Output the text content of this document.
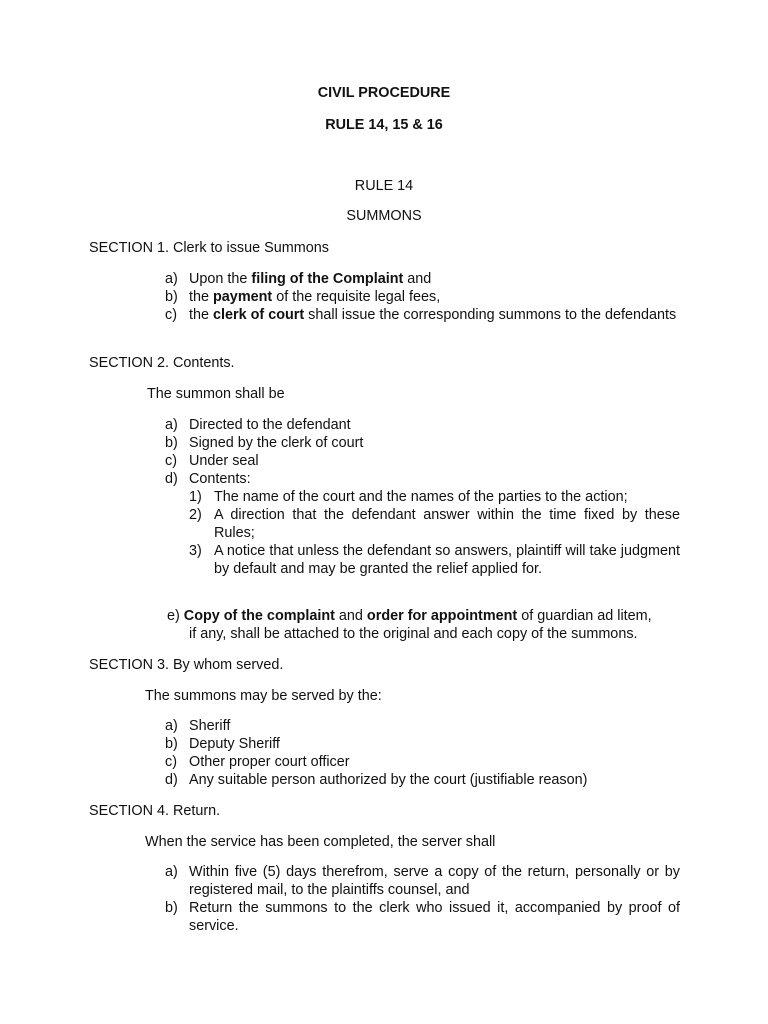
CIVIL PROCEDURE
RULE 14, 15 & 16
RULE 14
SUMMONS
SECTION 1. Clerk to issue Summons
a) Upon the filing of the Complaint and
b) the payment of the requisite legal fees,
c) the clerk of court shall issue the corresponding summons to the defendants
SECTION 2. Contents.
The summon shall be
a) Directed to the defendant
b) Signed by the clerk of court
c) Under seal
d) Contents:
1) The name of the court and the names of the parties to the action;
2) A direction that the defendant answer within the time fixed by these Rules;
3) A notice that unless the defendant so answers, plaintiff will take judgment by default and may be granted the relief applied for.
e) Copy of the complaint and order for appointment of guardian ad litem,
if any, shall be attached to the original and each copy of the summons.
SECTION 3. By whom served.
The summons may be served by the:
a) Sheriff
b) Deputy Sheriff
c) Other proper court officer
d) Any suitable person authorized by the court (justifiable reason)
SECTION 4. Return.
When the service has been completed, the server shall
a) Within five (5) days therefrom, serve a copy of the return, personally or by registered mail, to the plaintiffs counsel, and
b) Return the summons to the clerk who issued it, accompanied by proof of service.
